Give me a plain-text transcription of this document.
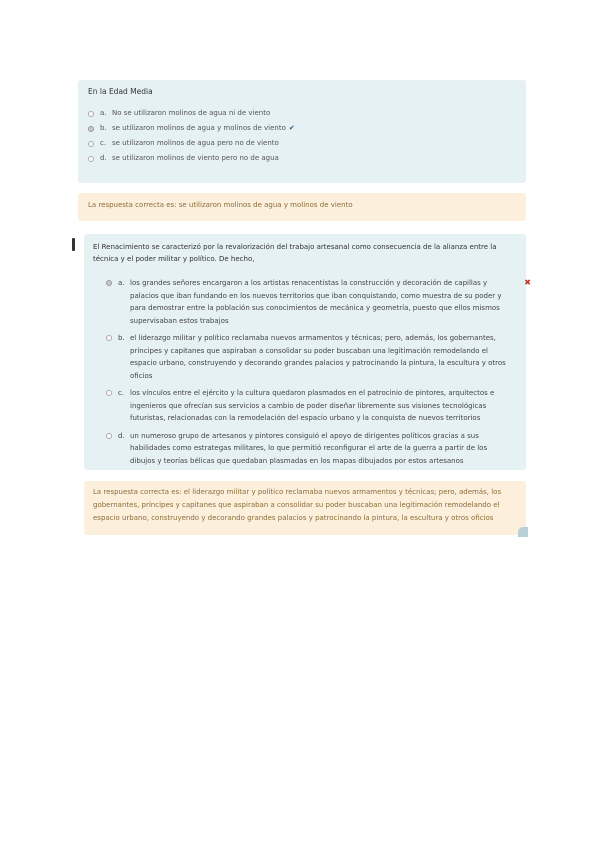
En la Edad Media

a. No se utilizaron molinos de agua ni de viento
b. se utilizaron molinos de agua y molinos de viento ✔
c. se utilizaron molinos de agua pero no de viento
d. se utilizaron molinos de viento pero no de agua
La respuesta correcta es: se utilizaron molinos de agua y molinos de viento

El Renacimiento se caracterizó por la revalorización del trabajo artesanal como consecuencia de la alianza entre la técnica y el poder militar y político. De hecho,

a. los grandes señores encargaron a los artistas renacentistas la construcción y decoración de capillas y palacios que iban fundando en los nuevos territorios que iban conquistando, como muestra de su poder y para demostrar entre la población sus conocimientos de mecánica y geometría, puesto que ellos mismos supervisaban estos trabajos
✖
b. el liderazgo militar y político reclamaba nuevos armamentos y técnicas; pero, además, los gobernantes, príncipes y capitanes que aspiraban a consolidar su poder buscaban una legitimación remodelando el espacio urbano, construyendo y decorando grandes palacios y patrocinando la pintura, la escultura y otros oficios
c. los vínculos entre el ejército y la cultura quedaron plasmados en el patrocinio de pintores, arquitectos e ingenieros que ofrecían sus servicios a cambio de poder diseñar libremente sus visiones tecnológicas futuristas, relacionadas con la remodelación del espacio urbano y la conquista de nuevos territorios
d. un numeroso grupo de artesanos y pintores consiguió el apoyo de dirigentes políticos gracias a sus habilidades como estrategas militares, lo que permitió reconfigurar el arte de la guerra a partir de los dibujos y teorías bélicas que quedaban plasmadas en los mapas dibujados por estos artesanos
La respuesta correcta es: el liderazgo militar y político reclamaba nuevos armamentos y técnicas; pero, además, los gobernantes, príncipes y capitanes que aspiraban a consolidar su poder buscaban una legitimación remodelando el espacio urbano, construyendo y decorando grandes palacios y patrocinando la pintura, la escultura y otros oficios
